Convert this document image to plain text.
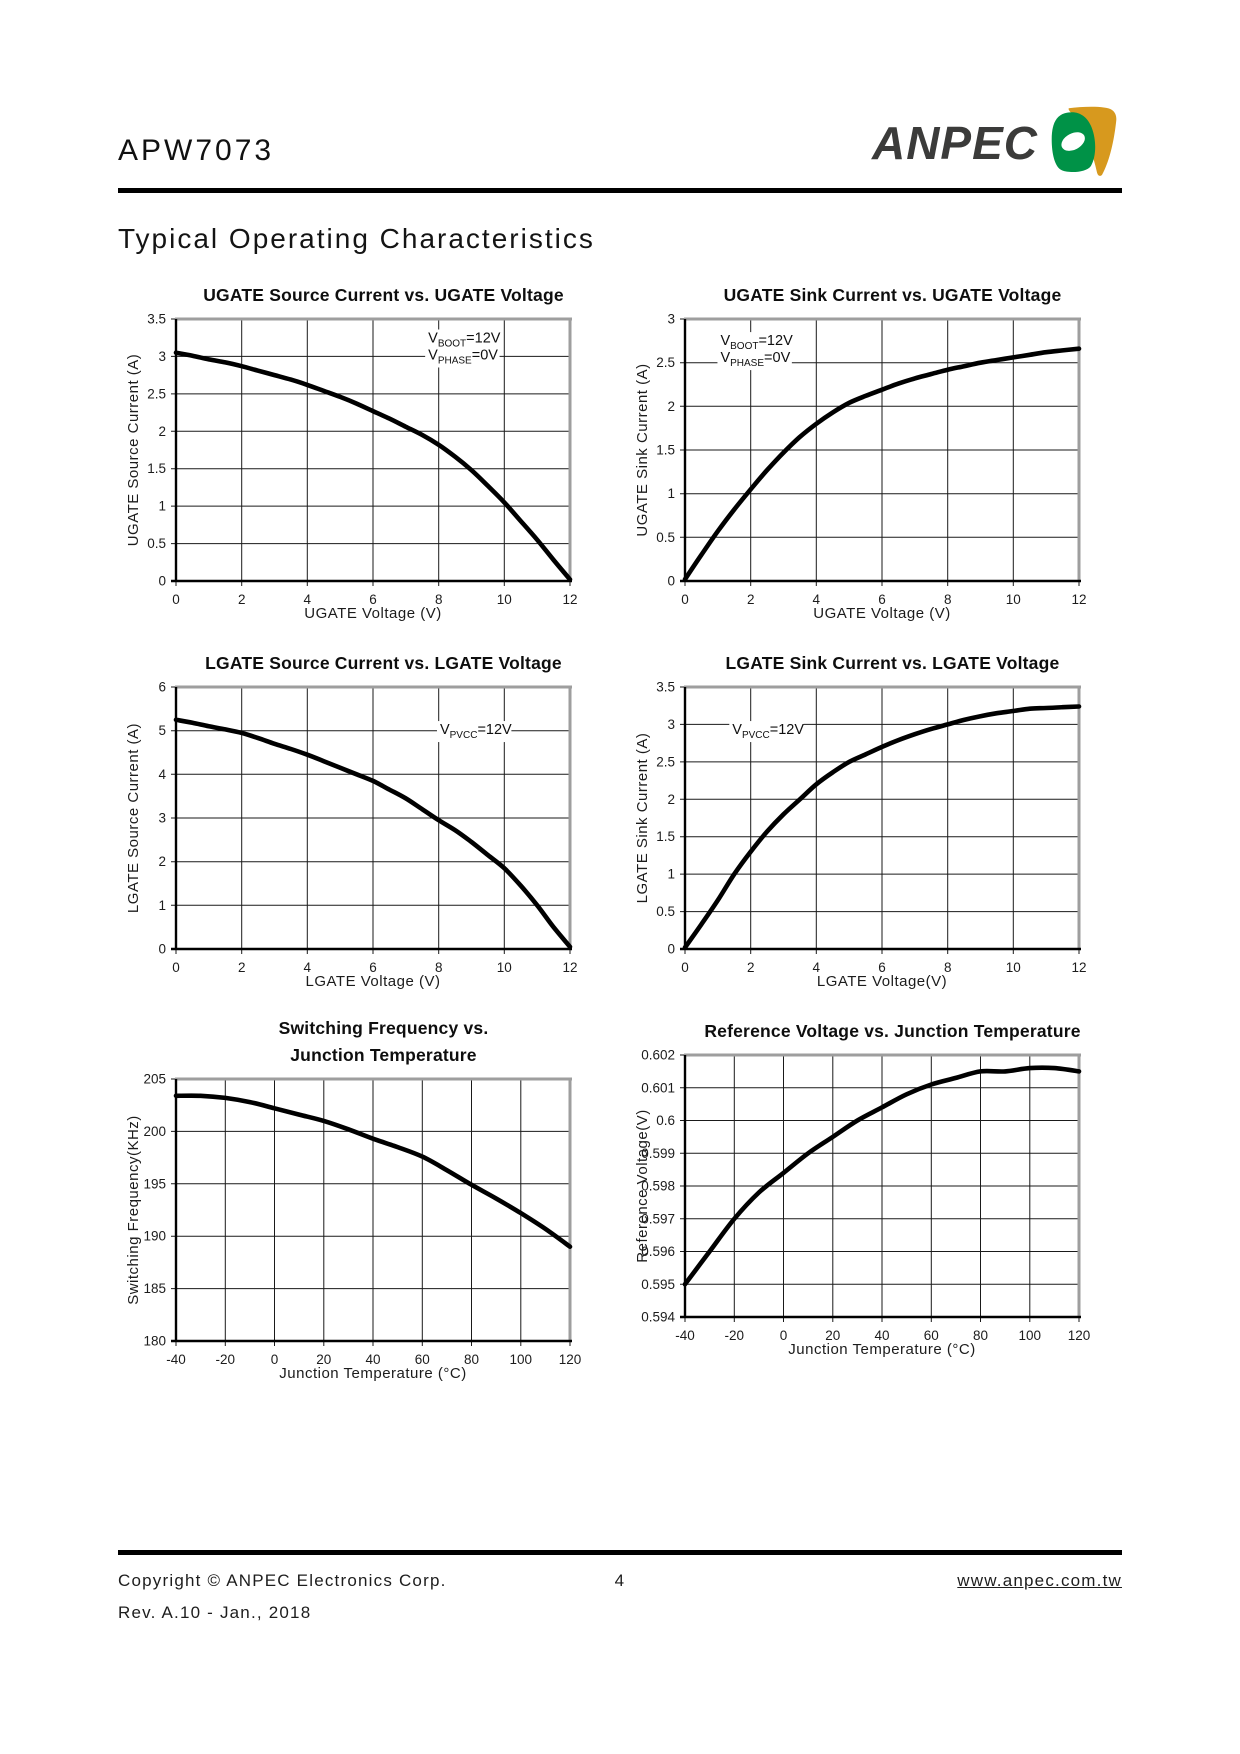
APW7073	ANPEC
Typical Operating Characteristics
UGATE Source Current vs. UGATE Voltage
$V_{BOOT}=12V$
$V_{PHASE}=0V$
0	2	4	6	8	10	12
0
0.5
1
1.5
2
2.5
3
3.5
UGATE Voltage (V)
UGATE Source Current (A)
UGATE Sink Current vs. UGATE Voltage
$V_{BOOT}=12V$
$V_{PHASE}=0V$
0	2	4	6	8	10	12
0
0.5
1
1.5
2
2.5
3
UGATE Voltage (V)
UGATE Sink Current (A)
LGATE Source Current vs. LGATE Voltage
$V_{PVCC}=12V$
0	2	4	6	8	10	12
0
1
2
3
4
5
6
LGATE Voltage (V)
LGATE Source Current (A)
LGATE Sink Current vs. LGATE Voltage
$V_{PVCC}=12V$
0	2	4	6	8	10	12
0
0.5
1
1.5
2
2.5
3
3.5
LGATE Voltage(V)
LGATE Sink Current (A)
Switching Frequency vs.
Junction Temperature
-40 -20	0	20	40	60	80 100 120
180
185
190
195
200
205
Junction Temperature (°C)
Switching Frequency(KHz)
Reference Voltage vs. Junction Temperature
-40 -20	0	20	40	60	80 100 120
0.594
0.595
0.596
0.597
0.598
0.599
0.6
0.601
0.602
Junction Temperature (°C)
Reference Voltage(V)
Copyright © ANPEC Electronics Corp.	4	www.anpec.com.tw
Rev. A.10 - Jan., 2018
